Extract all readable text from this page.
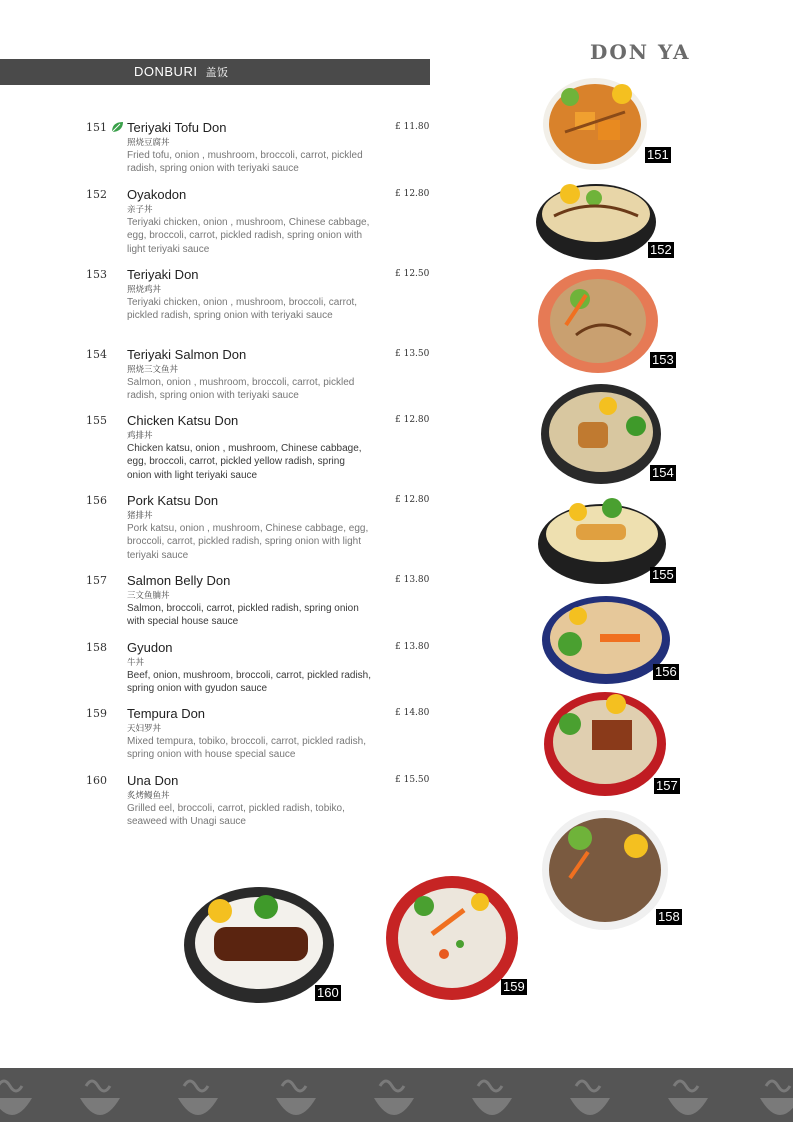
DON YA
DONBURI 盖饭
151	Teriyaki Tofu Don	£ 11.80
照烧豆腐丼
Fried tofu, onion , mushroom, broccoli, carrot, pickled radish, spring onion with teriyaki sauce
152	Oyakodon	£ 12.80
亲子丼
Teriyaki chicken, onion , mushroom, Chinese cabbage, egg, broccoli, carrot, pickled radish, spring onion with light teriyaki sauce
153	Teriyaki Don	£ 12.50
照烧鸡丼
Teriyaki chicken, onion , mushroom, broccoli, carrot, pickled radish, spring onion with teriyaki sauce
154	Teriyaki Salmon Don	£ 13.50
照烧三文鱼丼
Salmon, onion , mushroom, broccoli, carrot, pickled radish, spring onion with teriyaki sauce
155	Chicken Katsu Don	£ 12.80
鸡排丼
Chicken katsu, onion , mushroom, Chinese cabbage, egg, broccoli, carrot, pickled yellow radish, spring onion with light teriyaki sauce
156	Pork Katsu Don	£ 12.80
猪排丼
Pork katsu, onion , mushroom, Chinese cabbage, egg, broccoli, carrot, pickled radish, spring onion with light teriyaki sauce
157	Salmon Belly Don	£ 13.80
三文鱼腩丼
Salmon, broccoli, carrot, pickled radish, spring onion with special house sauce
158	Gyudon	£ 13.80
牛丼
Beef, onion, mushroom, broccoli, carrot, pickled radish, spring onion with gyudon sauce
159	Tempura Don	£ 14.80
天妇罗丼
Mixed tempura, tobiko, broccoli, carrot, pickled radish, spring onion with house special sauce
160	Una Don	£ 15.50
炙烤鳗鱼丼
Grilled eel, broccoli, carrot, pickled radish, tobiko, seaweed with Unagi sauce
151
152
153
154
155
156
157
158
159
160
